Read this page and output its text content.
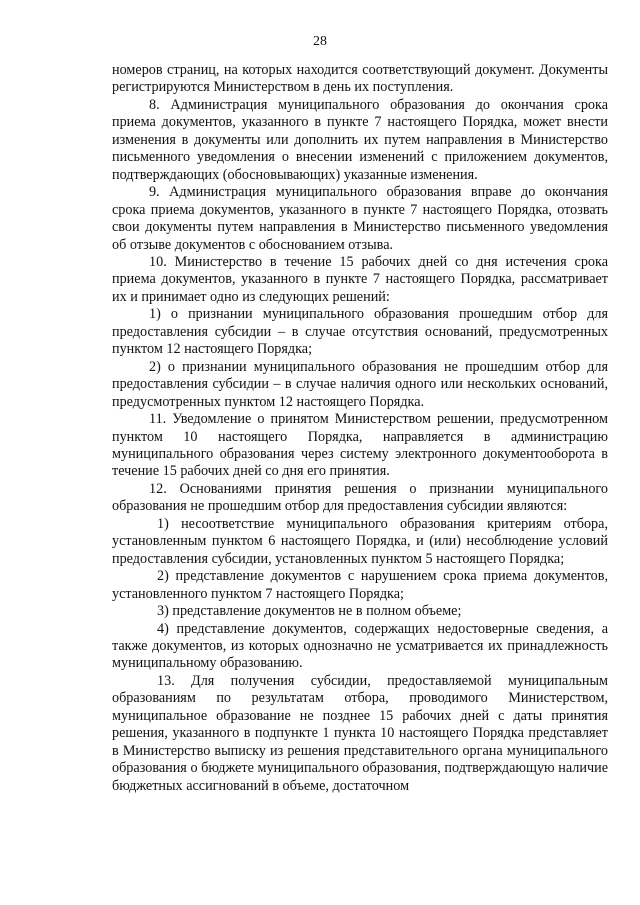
28

номеров страниц, на которых находится соответствующий документ. Документы регистрируются Министерством в день их поступления.

8. Администрация муниципального образования до окончания срока приема документов, указанного в пункте 7 настоящего Порядка, может внести изменения в документы или дополнить их путем направления в Министерство письменного уведомления о внесении изменений с приложением документов, подтверждающих (обосновывающих) указанные изменения.

9. Администрация муниципального образования вправе до окончания срока приема документов, указанного в пункте 7 настоящего Порядка, отозвать свои документы путем направления в Министерство письменного уведомления об отзыве документов с обоснованием отзыва.

10. Министерство в течение 15 рабочих дней со дня истечения срока приема документов, указанного в пункте 7 настоящего Порядка, рассматривает их и принимает одно из следующих решений:

1) о признании муниципального образования прошедшим отбор для предоставления субсидии – в случае отсутствия оснований, предусмотренных пунктом 12 настоящего Порядка;

2) о признании муниципального образования не прошедшим отбор для предоставления субсидии – в случае наличия одного или нескольких оснований, предусмотренных пунктом 12 настоящего Порядка.

11. Уведомление о принятом Министерством решении, предусмотренном пунктом 10 настоящего Порядка, направляется в администрацию муниципального образования через систему электронного документооборота в течение 15 рабочих дней со дня его принятия.

12. Основаниями принятия решения о признании муниципального образования не прошедшим отбор для предоставления субсидии являются:

1) несоответствие муниципального образования критериям отбора, установленным пунктом 6 настоящего Порядка, и (или) несоблюдение условий предоставления субсидии, установленных пунктом 5 настоящего Порядка;

2) представление документов с нарушением срока приема документов, установленного пунктом 7 настоящего Порядка;

3) представление документов не в полном объеме;

4) представление документов, содержащих недостоверные сведения, а также документов, из которых однозначно не усматривается их принадлежность муниципальному образованию.

13. Для получения субсидии, предоставляемой муниципальным образованиям по результатам отбора, проводимого Министерством, муниципальное образование не позднее 15 рабочих дней с даты принятия решения, указанного в подпункте 1 пункта 10 настоящего Порядка представляет в Министерство выписку из решения представительного органа муниципального образования о бюджете муниципального образования, подтверждающую наличие бюджетных ассигнований в объеме, достаточном
